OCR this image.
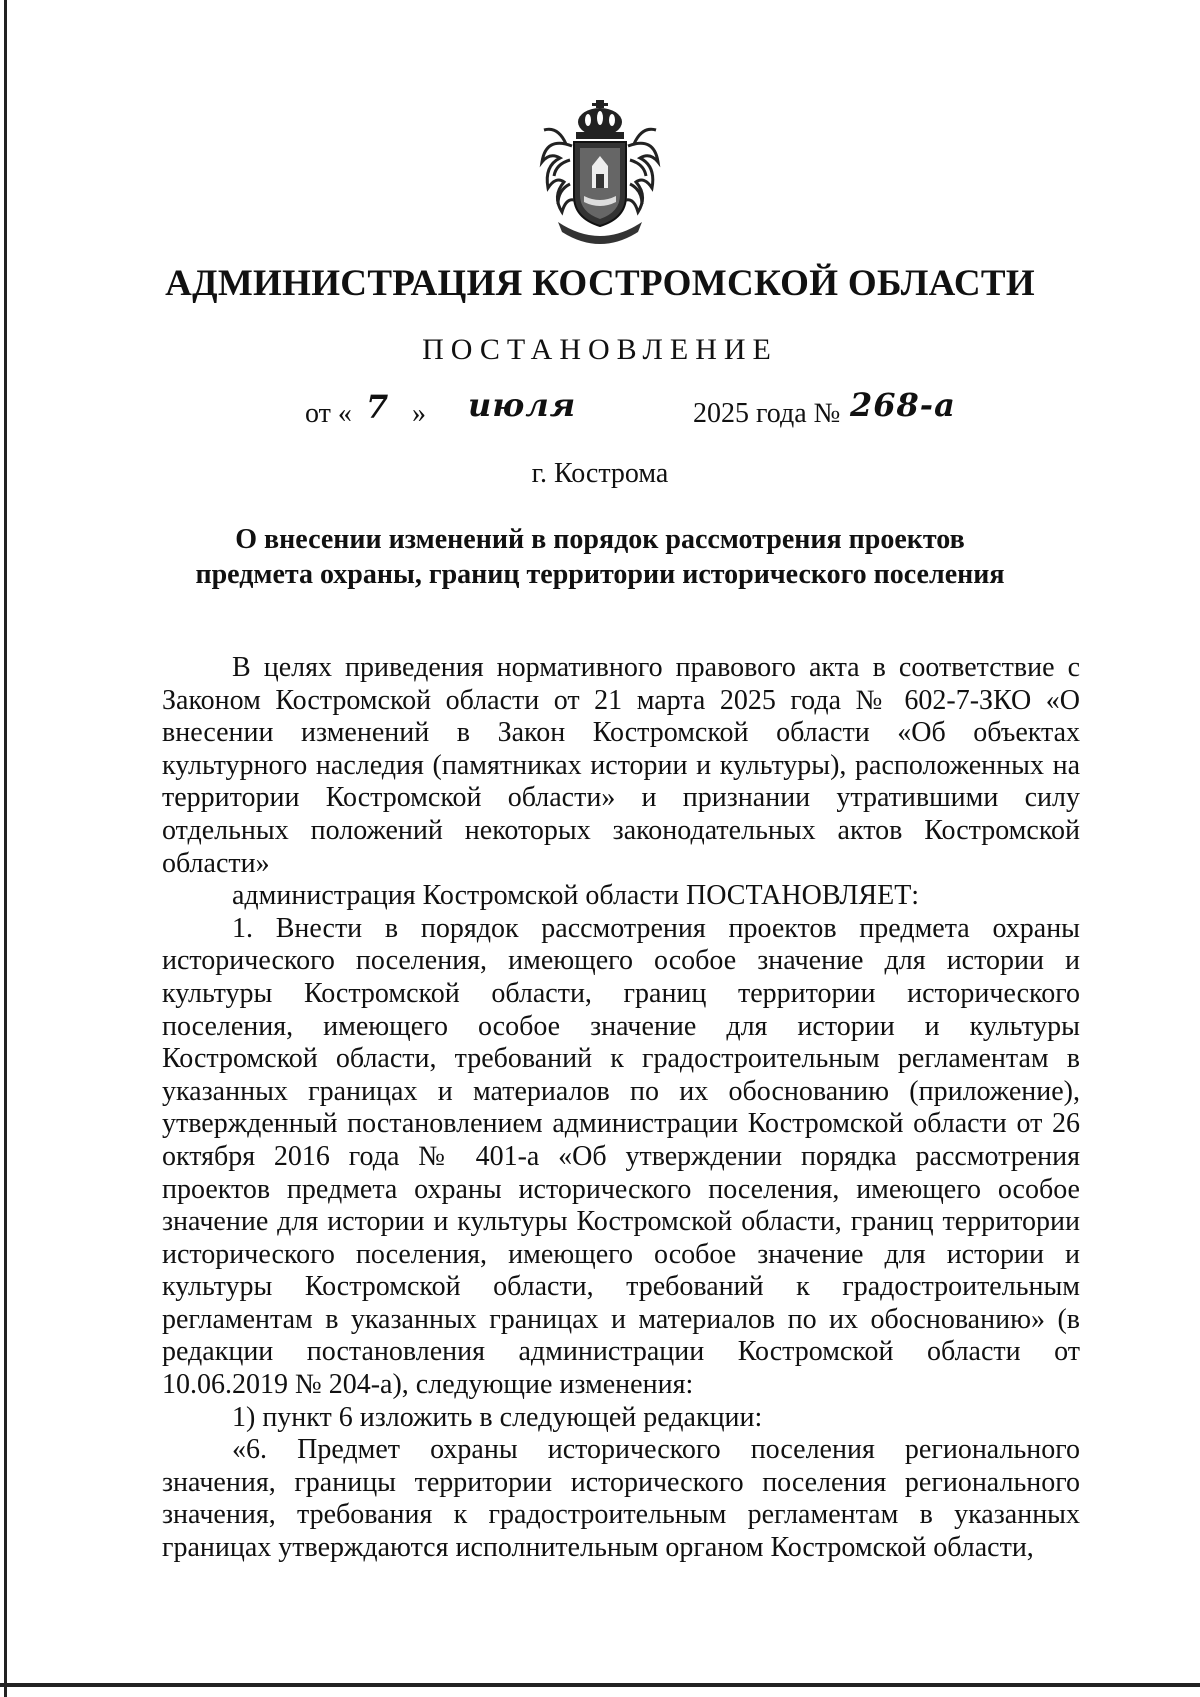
АДМИНИСТРАЦИЯ КОСТРОМСКОЙ ОБЛАСТИ
ПОСТАНОВЛЕНИЕ
от « 7 » июля	2025 года № 268-а
г. Кострома
О внесении изменений в порядок рассмотрения проектов
предмета охраны, границ территории исторического поселения

В целях приведения нормативного правового акта в соответствие с Законом Костромской области от 21 марта 2025 года № 602-7-ЗКО «О внесении изменений в Закон Костромской области «Об объектах культурного наследия (памятниках истории и культуры), расположенных на территории Костромской области» и признании утратившими силу отдельных положений некоторых законодательных актов Костромской области»

администрация Костромской области ПОСТАНОВЛЯЕТ:

1. Внести в порядок рассмотрения проектов предмета охраны исторического поселения, имеющего особое значение для истории и культуры Костромской области, границ территории исторического поселения, имеющего особое значение для истории и культуры Костромской области, требований к градостроительным регламентам в указанных границах и материалов по их обоснованию (приложение), утвержденный постановлением администрации Костромской области от 26 октября 2016 года № 401-а «Об утверждении порядка рассмотрения проектов предмета охраны исторического поселения, имеющего особое значение для истории и культуры Костромской области, границ территории исторического поселения, имеющего особое значение для истории и культуры Костромской области, требований к градостроительным регламентам в указанных границах и материалов по их обоснованию» (в редакции постановления администрации Костромской области от 10.06.2019 № 204-а), следующие изменения:

1) пункт 6 изложить в следующей редакции:

«6. Предмет охраны исторического поселения регионального значения, границы территории исторического поселения регионального значения, требования к градостроительным регламентам в указанных границах утверждаются исполнительным органом Костромской области,
